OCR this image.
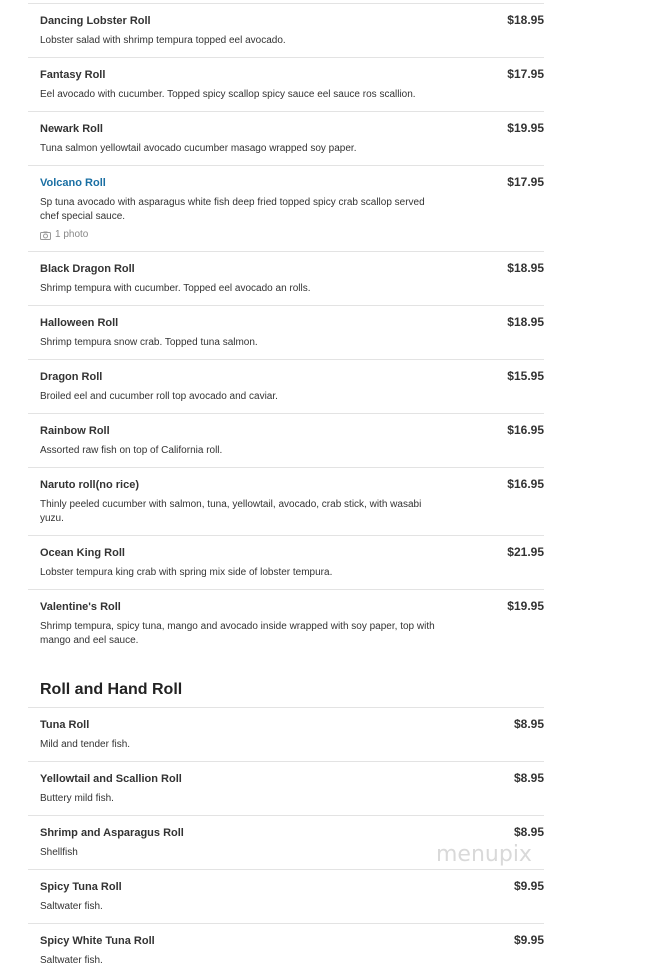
Dancing Lobster Roll	$18.95
Lobster salad with shrimp tempura topped eel avocado.
Fantasy Roll	$17.95
Eel avocado with cucumber. Topped spicy scallop spicy sauce eel sauce ros scallion.
Newark Roll	$19.95
Tuna salmon yellowtail avocado cucumber masago wrapped soy paper.
Volcano Roll	$17.95
Sp tuna avocado with asparagus white fish deep fried topped spicy crab scallop served chef special sauce.
1 photo
Black Dragon Roll	$18.95
Shrimp tempura with cucumber. Topped eel avocado an rolls.
Halloween Roll	$18.95
Shrimp tempura snow crab. Topped tuna salmon.
Dragon Roll	$15.95
Broiled eel and cucumber roll top avocado and caviar.
Rainbow Roll	$16.95
Assorted raw fish on top of California roll.
Naruto roll(no rice)	$16.95
Thinly peeled cucumber with salmon, tuna, yellowtail, avocado, crab stick, with wasabi yuzu.
Ocean King Roll	$21.95
Lobster tempura king crab with spring mix side of lobster tempura.
Valentine's Roll	$19.95
Shrimp tempura, spicy tuna, mango and avocado inside wrapped with soy paper, top with mango and eel sauce.
Roll and Hand Roll
Tuna Roll	$8.95
Mild and tender fish.
Yellowtail and Scallion Roll	$8.95
Buttery mild fish.
Shrimp and Asparagus Roll	$8.95
Shellfish
Spicy Tuna Roll	$9.95
Saltwater fish.
Spicy White Tuna Roll	$9.95
Saltwater fish.
menupix
